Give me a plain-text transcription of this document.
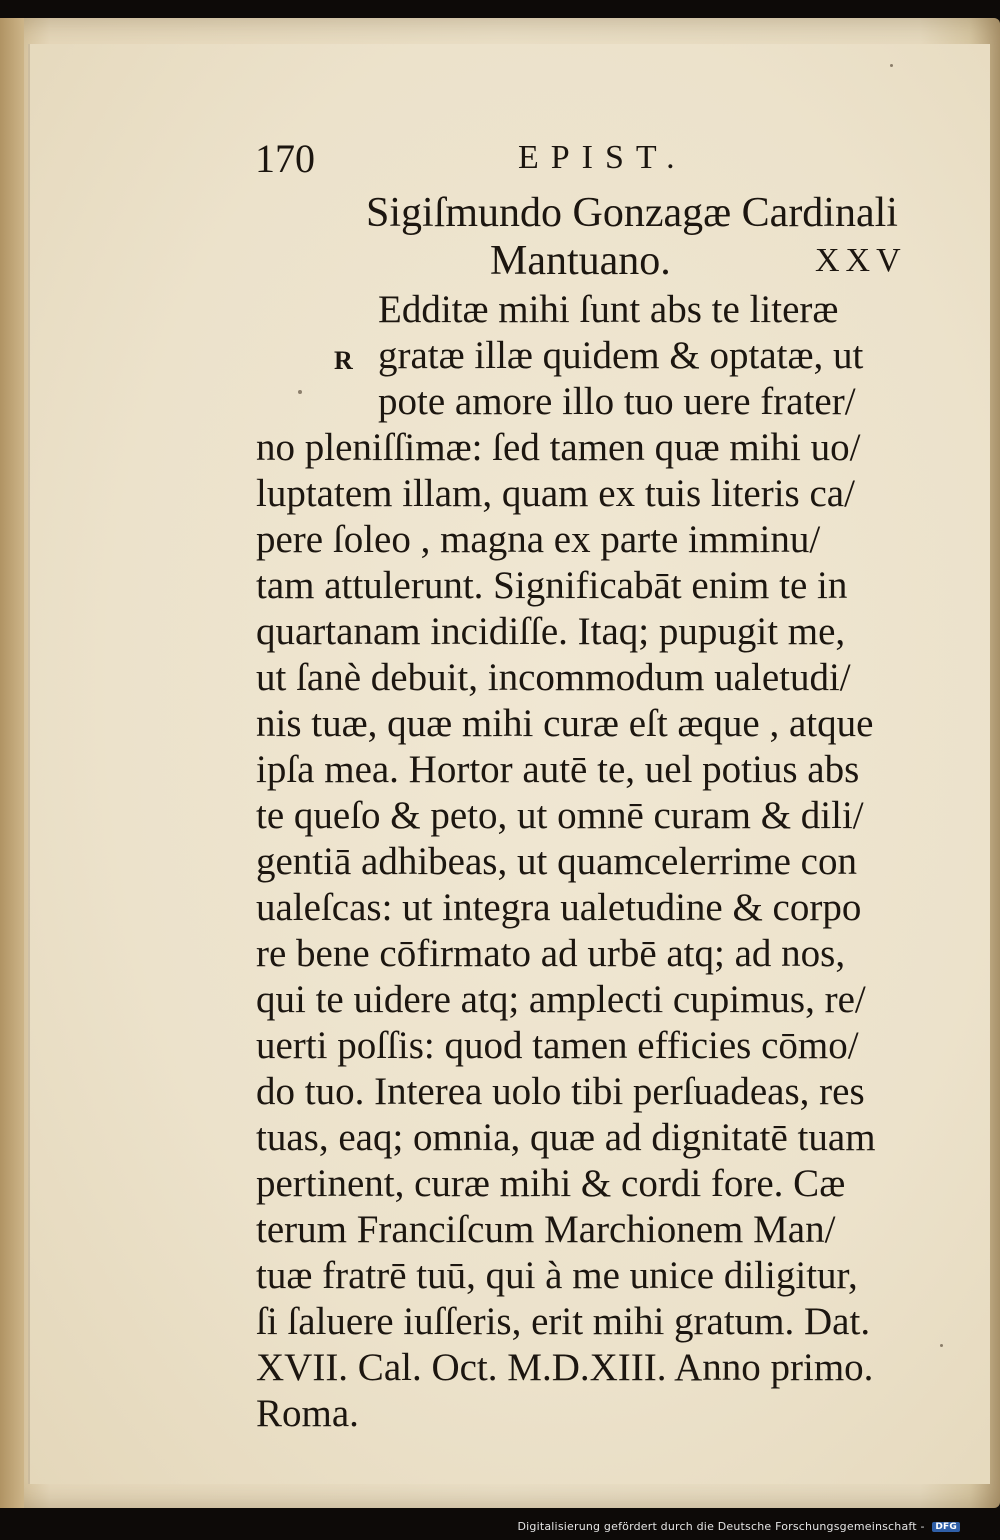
170	EPIST.
Sigiſmundo Gonzagæ Cardinali
Mantuano.	XXV
R
Edditæ mihi ſunt abs te literæ
gratæ illæ quidem & optatæ, ut
pote amore illo tuo uere frater/
no pleniſſimæ: ſed tamen quæ mihi uo/
luptatem illam, quam ex tuis literis ca/
pere ſoleo , magna ex parte imminu/
tam attulerunt. Significabāt enim te in
quartanam incidiſſe. Itaq; pupugit me,
ut ſanè debuit, incommodum ualetudi/
nis tuæ, quæ mihi curæ eſt æque , atque
ipſa mea. Hortor autē te, uel potius abs
te queſo & peto, ut omnē curam & dili/
gentiā adhibeas, ut quamcelerrime con
ualeſcas: ut integra ualetudine & corpo
re bene cōfirmato ad urbē atq; ad nos,
qui te uidere atq; amplecti cupimus, re/
uerti poſſis: quod tamen efficies cōmo/
do tuo. Interea uolo tibi perſuadeas, res
tuas, eaq; omnia, quæ ad dignitatē tuam
pertinent, curæ mihi & cordi fore. Cæ
terum Franciſcum Marchionem Man/
tuæ fratrē tuū, qui à me unice diligitur,
ſi ſaluere iuſſeris, erit mihi gratum. Dat.
XVII. Cal. Oct. M.D.XIII. Anno primo.
Roma.
Digitalisierung gefördert durch die Deutsche Forschungsgemeinschaft - DFG
